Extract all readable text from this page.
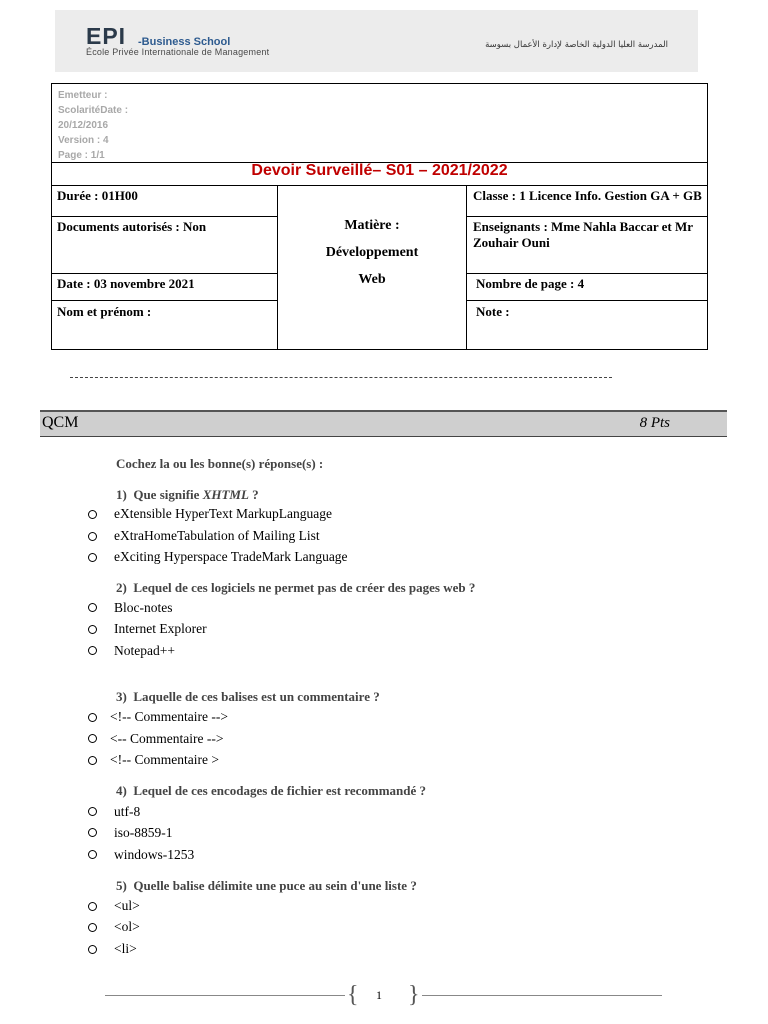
EPI -Business School
École Privée Internationale de Management
المدرسة العليا الدولية الخاصة لإدارة الأعمال بسوسة
Emetteur :
ScolaritéDate :
20/12/2016
Version : 4
Page : 1/1
Devoir Surveillé– S01 – 2021/2022
Durée : 01H00
Documents autorisés : Non
Date : 03 novembre 2021
Nom et prénom :
Matière :
Développement
Web
Classe : 1 Licence Info. Gestion GA + GB
Enseignants : Mme Nahla Baccar et Mr Zouhair Ouni
Nombre de page : 4
Note :
QCM	8 Pts
Cochez la ou les bonne(s) réponse(s) :
1) Que signifie XHTML ?
eXtensible HyperText MarkupLanguage
eXtraHomeTabulation of Mailing List
eXciting Hyperspace TradeMark Language
2) Lequel de ces logiciels ne permet pas de créer des pages web ?
Bloc-notes
Internet Explorer
Notepad++
3) Laquelle de ces balises est un commentaire ?
<!-- Commentaire -->
<-- Commentaire -->
<!-- Commentaire >
4) Lequel de ces encodages de fichier est recommandé ?
utf-8
iso-8859-1
windows-1253
5) Quelle balise délimite une puce au sein d'une liste ?
<ul>
<ol>
<li>
{ 1 }
